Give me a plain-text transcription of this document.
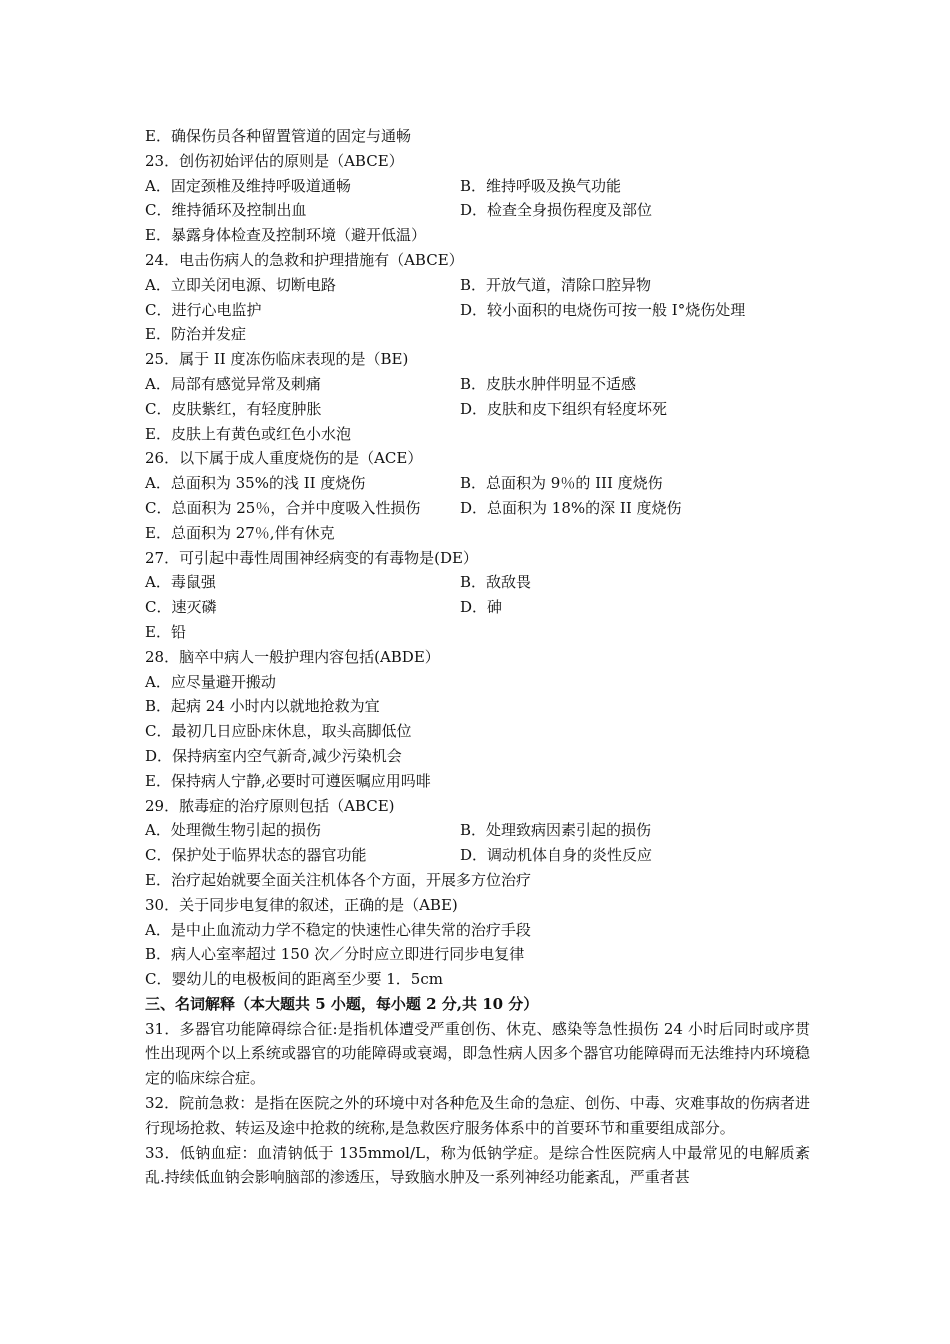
E．确保伤员各种留置管道的固定与通畅
23．创伤初始评估的原则是（ABCE）
A．固定颈椎及维持呼吸道通畅	B．维持呼吸及换气功能
C．维持循环及控制出血	D．检查全身损伤程度及部位
E．暴露身体检查及控制环境（避开低温）
24．电击伤病人的急救和护理措施有（ABCE）
A．立即关闭电源、切断电路	B．开放气道，清除口腔异物
C．进行心电监护	D．较小面积的电烧伤可按一般 I°烧伤处理
E．防治并发症
25．属于 II 度冻伤临床表现的是（BE)
A．局部有感觉异常及刺痛	B．皮肤水肿伴明显不适感
C．皮肤紫红，有轻度肿胀	D．皮肤和皮下组织有轻度坏死
E．皮肤上有黄色或红色小水泡
26．以下属于成人重度烧伤的是（ACE）
A．总面积为 35%的浅 II 度烧伤	B．总面积为 9％的 III 度烧伤
C．总面积为 25％，合并中度吸入性损伤	D．总面积为 18%的深 II 度烧伤
E．总面积为 27％,伴有休克
27．可引起中毒性周围神经病变的有毒物是(DE）
A．毒鼠强	B．敌敌畏
C．速灭磷	D．砷
E．铅
28．脑卒中病人一般护理内容包括(ABDE）
A．应尽量避开搬动
B．起病 24 小时内以就地抢救为宜
C．最初几日应卧床休息，取头高脚低位
D．保持病室内空气新奇,减少污染机会
E．保持病人宁静,必要时可遵医嘱应用吗啡
29．脓毒症的治疗原则包括（ABCE)
A．处理微生物引起的损伤	B．处理致病因素引起的损伤
C．保护处于临界状态的器官功能	D．调动机体自身的炎性反应
E．治疗起始就要全面关注机体各个方面，开展多方位治疗
30．关于同步电复律的叙述，正确的是（ABE)
A．是中止血流动力学不稳定的快速性心律失常的治疗手段
B．病人心室率超过 150 次／分时应立即进行同步电复律
C．婴幼儿的电极板间的距离至少要 1．5cm
三、名词解释（本大题共 5 小题，每小题 2 分,共 10 分）
31．多器官功能障碍综合征:是指机体遭受严重创伤、休克、感染等急性损伤 24 小时后同时或序贯性出现两个以上系统或器官的功能障碍或衰竭，即急性病人因多个器官功能障碍而无法维持内环境稳定的临床综合症。
32．院前急救：是指在医院之外的环境中对各种危及生命的急症、创伤、中毒、灾难事故的伤病者进行现场抢救、转运及途中抢救的统称,是急救医疗服务体系中的首要环节和重要组成部分。
33．低钠血症：血清钠低于 135mmol/L，称为低钠学症。是综合性医院病人中最常见的电解质紊乱.持续低血钠会影响脑部的渗透压，导致脑水肿及一系列神经功能紊乱，严重者甚
